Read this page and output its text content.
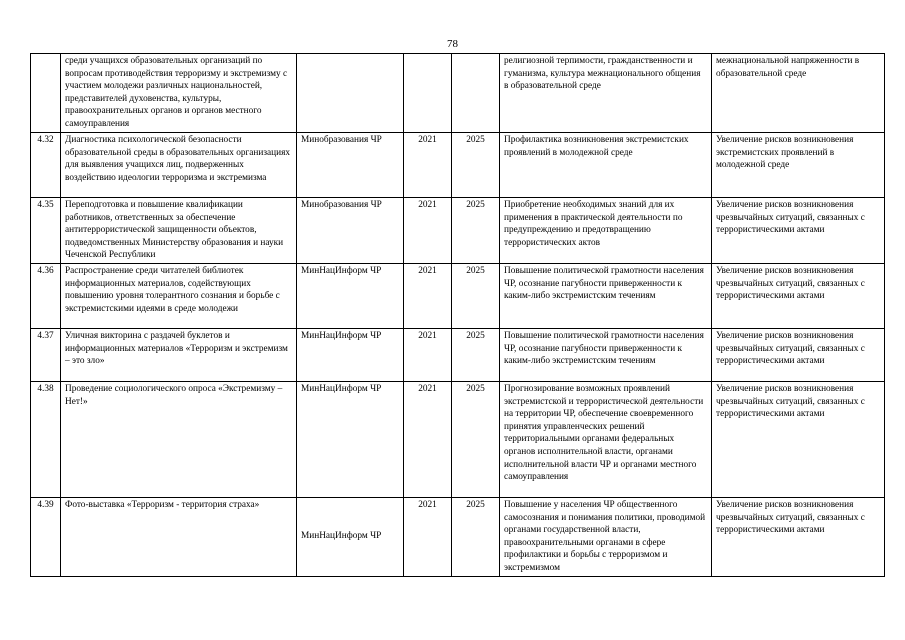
78
	среди учащихся образовательных организаций по вопросам противодействия терроризму и экстремизму с участием молодежи различных национальностей, представителей духовенства, культуры, правоохранительных органов и органов местного самоуправления				религиозной терпимости, гражданственности и гуманизма, культура межнационального общения в образовательной среде	межнациональной напряженности в образовательной среде
4.32	Диагностика психологической безопасности образовательной среды в образовательных организациях для выявления учащихся лиц, подверженных воздействию идеологии терроризма и экстремизма	Минобразования ЧР	2021	2025	Профилактика возникновения экстремистских проявлений в молодежной среде	Увеличение рисков возникновения экстремистских проявлений в молодежной среде
4.35	Переподготовка и повышение квалификации работников, ответственных за обеспечение антитеррористической защищенности объектов, подведомственных Министерству образования и науки Чеченской Республики	Минобразования ЧР	2021	2025	Приобретение необходимых знаний для их применения в практической деятельности по предупреждению и предотвращению террористических актов	Увеличение рисков возникновения чрезвычайных ситуаций, связанных с террористическими актами
4.36	Распространение среди читателей библиотек информационных материалов, содействующих повышению уровня толерантного сознания и борьбе с экстремистскими идеями в среде молодежи	МинНацИнформ ЧР	2021	2025	Повышение политической грамотности населения ЧР, осознание пагубности приверженности к каким-либо экстремистским течениям	Увеличение рисков возникновения чрезвычайных ситуаций, связанных с террористическими актами
4.37	Уличная викторина с раздачей буклетов и информационных материалов «Терроризм и экстремизм – это зло»	МинНацИнформ ЧР	2021	2025	Повышение политической грамотности населения ЧР, осознание пагубности приверженности к каким-либо экстремистским течениям	Увеличение рисков возникновения чрезвычайных ситуаций, связанных с террористическими актами
4.38	Проведение социологического опроса «Экстремизму – Нет!»	МинНацИнформ ЧР	2021	2025	Прогнозирование возможных проявлений экстремистской и террористической деятельности на территории ЧР, обеспечение своевременного принятия управленческих решений территориальными органами федеральных органов исполнительной власти, органами исполнительной власти ЧР и органами местного самоуправления	Увеличение рисков возникновения чрезвычайных ситуаций, связанных с террористическими актами
4.39	Фото-выставка «Терроризм - территория страха»	МинНацИнформ ЧР	2021	2025	Повышение у населения ЧР общественного самосознания и понимания политики, проводимой органами государственной власти, правоохранительными органами в сфере профилактики и борьбы с терроризмом и экстремизмом	Увеличение рисков возникновения чрезвычайных ситуаций, связанных с террористическими актами
